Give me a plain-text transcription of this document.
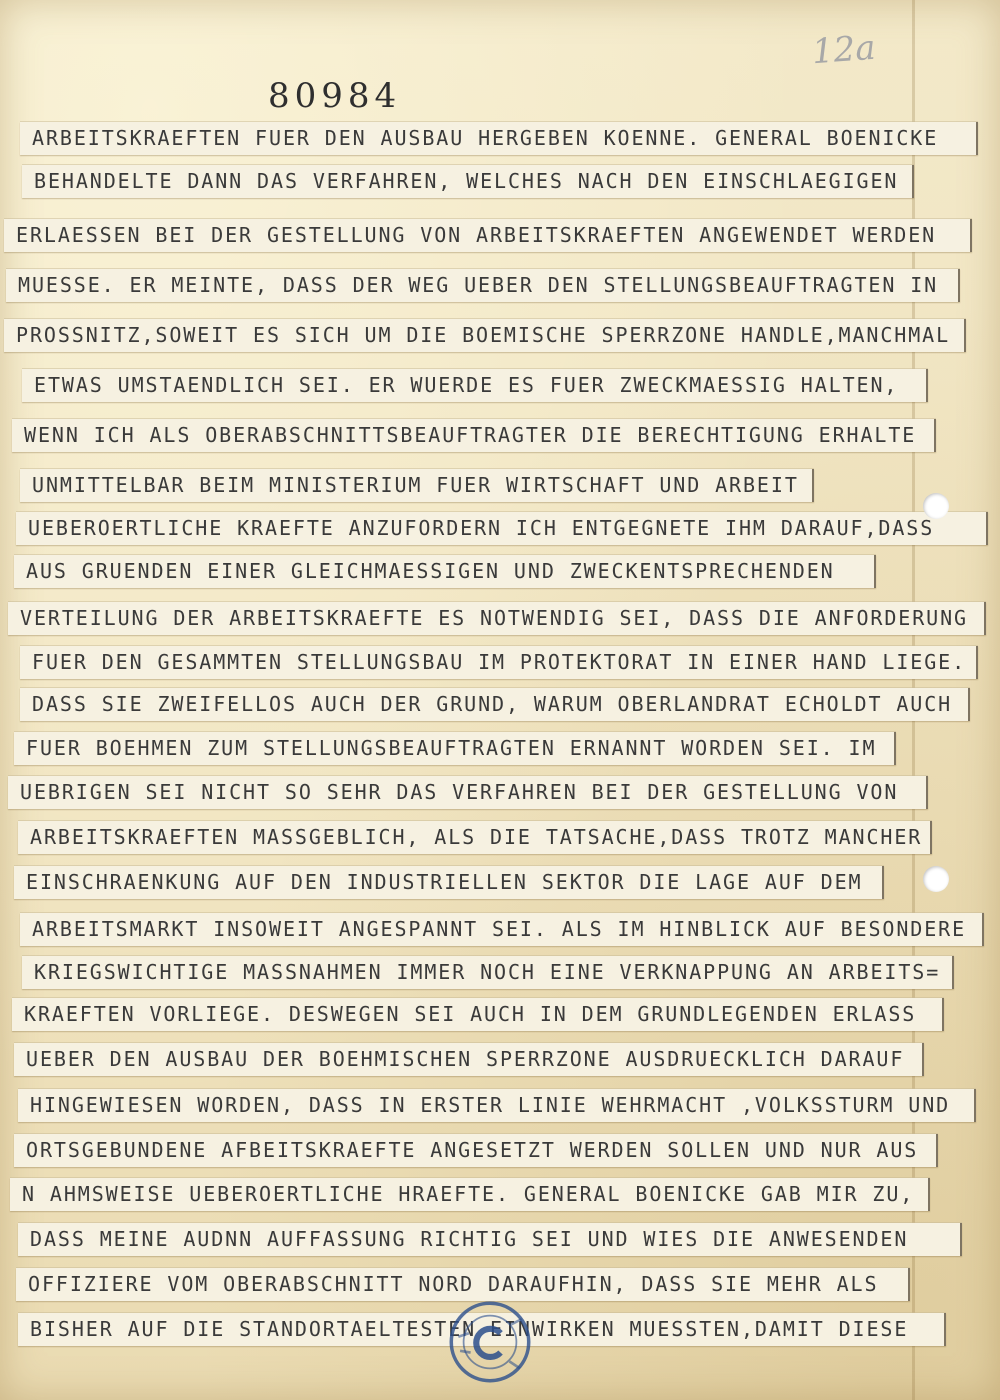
12a
80984
ARBEITSKRAEFTEN FUER DEN AUSBAU HERGEBEN KOENNE. GENERAL BOENICKE
BEHANDELTE DANN DAS VERFAHREN, WELCHES NACH DEN EINSCHLAEGIGEN
ERLAESSEN BEI DER GESTELLUNG VON ARBEITSKRAEFTEN ANGEWENDET WERDEN
MUESSE. ER MEINTE, DASS DER WEG UEBER DEN STELLUNGSBEAUFTRAGTEN IN
PROSSNITZ,SOWEIT ES SICH UM DIE BOEMISCHE SPERRZONE HANDLE,MANCHMAL
ETWAS UMSTAENDLICH SEI. ER WUERDE ES FUER ZWECKMAESSIG HALTEN,
WENN ICH ALS OBERABSCHNITTSBEAUFTRAGTER DIE BERECHTIGUNG ERHALTE
UNMITTELBAR BEIM MINISTERIUM FUER WIRTSCHAFT UND ARBEIT
UEBEROERTLICHE KRAEFTE ANZUFORDERN ICH ENTGEGNETE IHM DARAUF,DASS
AUS GRUENDEN EINER GLEICHMAESSIGEN UND ZWECKENTSPRECHENDEN
VERTEILUNG DER ARBEITSKRAEFTE ES NOTWENDIG SEI, DASS DIE ANFORDERUNG
FUER DEN GESAMMTEN STELLUNGSBAU IM PROTEKTORAT IN EINER HAND LIEGE.
DASS SIE ZWEIFELLOS AUCH DER GRUND, WARUM OBERLANDRAT ECHOLDT AUCH
FUER BOEHMEN ZUM STELLUNGSBEAUFTRAGTEN ERNANNT WORDEN SEI. IM
UEBRIGEN SEI NICHT SO SEHR DAS VERFAHREN BEI DER GESTELLUNG VON
ARBEITSKRAEFTEN MASSGEBLICH, ALS DIE TATSACHE,DASS TROTZ MANCHER
EINSCHRAENKUNG AUF DEN INDUSTRIELLEN SEKTOR DIE LAGE AUF DEM
ARBEITSMARKT INSOWEIT ANGESPANNT SEI. ALS IM HINBLICK AUF BESONDERE
KRIEGSWICHTIGE MASSNAHMEN IMMER NOCH EINE VERKNAPPUNG AN ARBEITS=
KRAEFTEN VORLIEGE. DESWEGEN SEI AUCH IN DEM GRUNDLEGENDEN ERLASS
UEBER DEN AUSBAU DER BOEHMISCHEN SPERRZONE AUSDRUECKLICH DARAUF
HINGEWIESEN WORDEN, DASS IN ERSTER LINIE WEHRMACHT ,VOLKSSTURM UND
ORTSGEBUNDENE AFBEITSKRAEFTE ANGESETZT WERDEN SOLLEN UND NUR AUS
N AHMSWEISE UEBEROERTLICHE HRAEFTE. GENERAL BOENICKE GAB MIR ZU,
DASS MEINE AUDNN AUFFASSUNG RICHTIG SEI UND WIES DIE ANWESENDEN
OFFIZIERE VOM OBERABSCHNITT NORD DARAUFHIN, DASS SIE MEHR ALS
BISHER AUF DIE STANDORTAELTESTEN EINWIRKEN MUESSTEN,DAMIT DIESE
